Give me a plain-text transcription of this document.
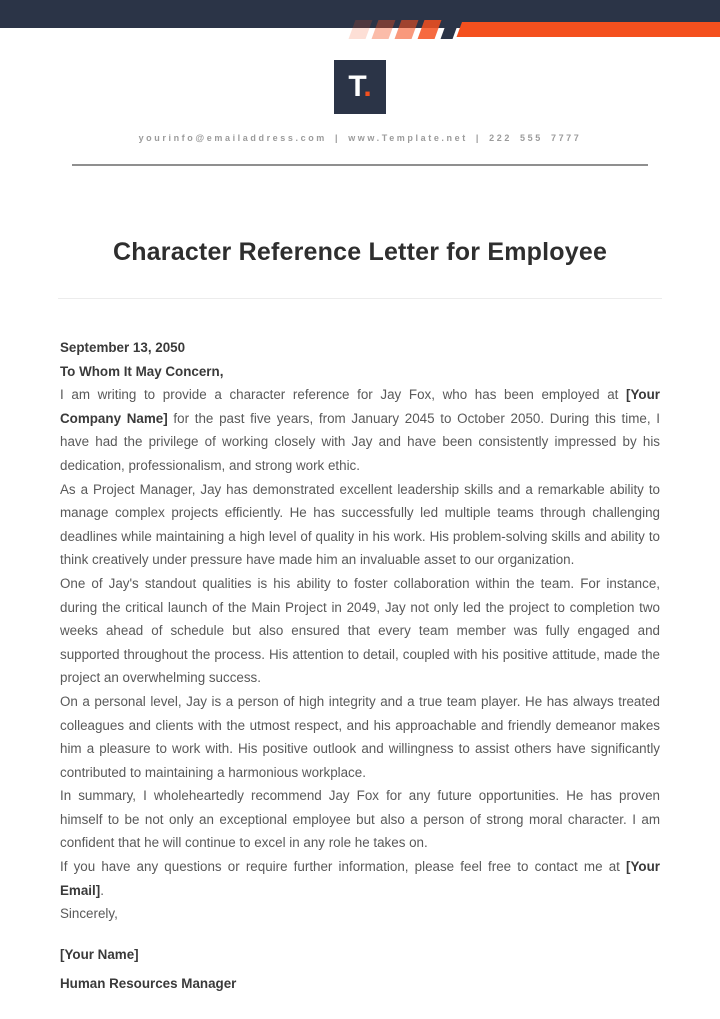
T.
yourinfo@emailaddress.com | www.Template.net | 222 555 7777
Character Reference Letter for Employee

September 13, 2050

To Whom It May Concern,

I am writing to provide a character reference for Jay Fox, who has been employed at [Your Company Name] for the past five years, from January 2045 to October 2050. During this time, I have had the privilege of working closely with Jay and have been consistently impressed by his dedication, professionalism, and strong work ethic.

As a Project Manager, Jay has demonstrated excellent leadership skills and a remarkable ability to manage complex projects efficiently. He has successfully led multiple teams through challenging deadlines while maintaining a high level of quality in his work. His problem-solving skills and ability to think creatively under pressure have made him an invaluable asset to our organization.

One of Jay's standout qualities is his ability to foster collaboration within the team. For instance, during the critical launch of the Main Project in 2049, Jay not only led the project to completion two weeks ahead of schedule but also ensured that every team member was fully engaged and supported throughout the process. His attention to detail, coupled with his positive attitude, made the project an overwhelming success.

On a personal level, Jay is a person of high integrity and a true team player. He has always treated colleagues and clients with the utmost respect, and his approachable and friendly demeanor makes him a pleasure to work with. His positive outlook and willingness to assist others have significantly contributed to maintaining a harmonious workplace.

In summary, I wholeheartedly recommend Jay Fox for any future opportunities. He has proven himself to be not only an exceptional employee but also a person of strong moral character. I am confident that he will continue to excel in any role he takes on.

If you have any questions or require further information, please feel free to contact me at [Your Email].

Sincerely,

[Your Name]

Human Resources Manager
